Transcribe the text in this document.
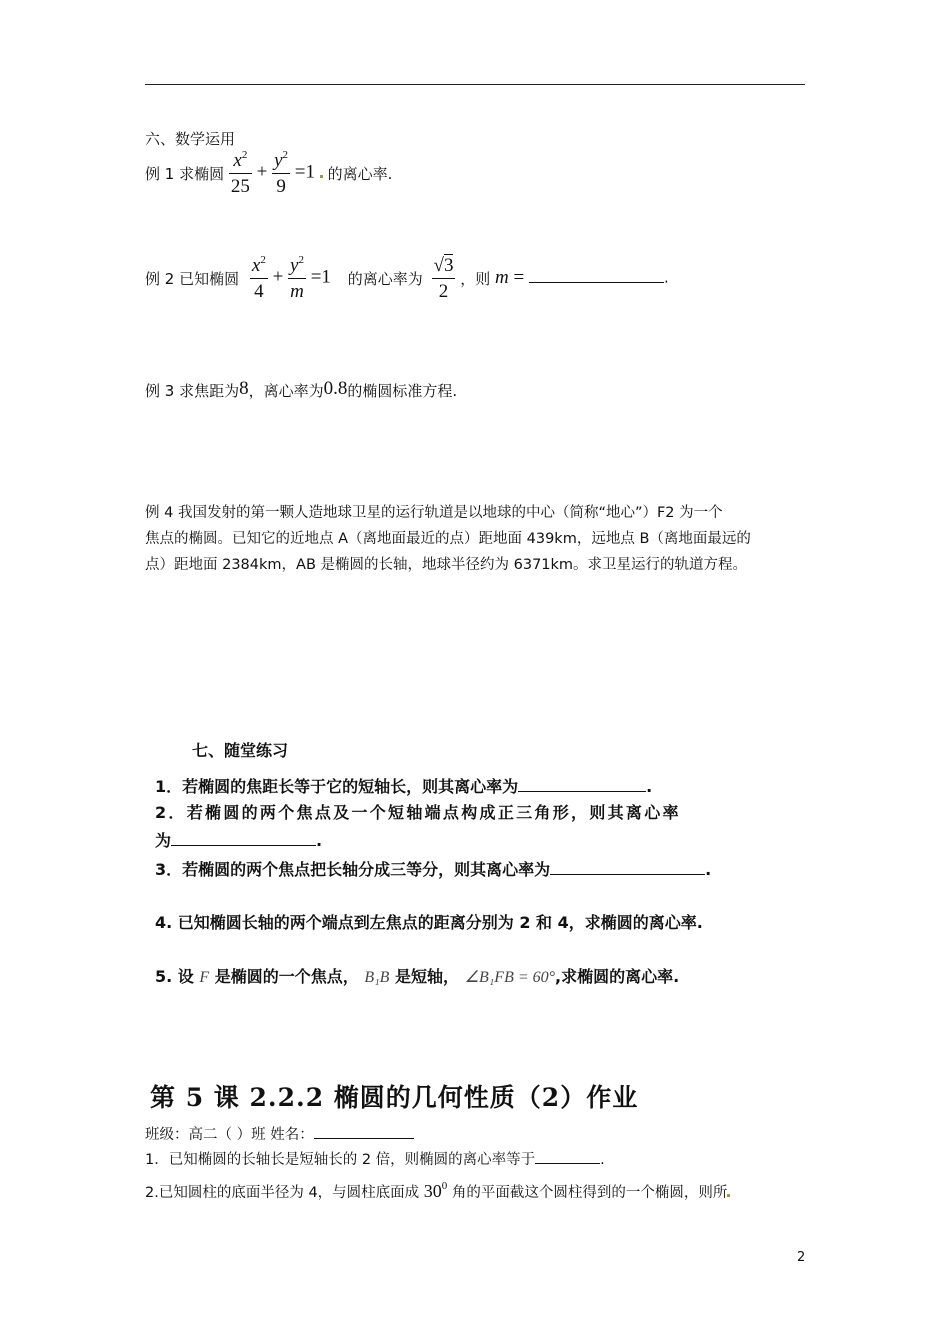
六、数学运用
例 1 求椭圆 $\frac{x^2}{25} + \frac{y^2}{9} =1$ 的离心率.
例 2 已知椭圆 $\frac{x^2}{4} + \frac{y^2}{m} =1$ 的离心率为 $\frac{√3}{2}$ ，则 m =	.
例 3 求焦距为8，离心率为0.8的椭圆标准方程.
例 4 我国发射的第一颗人造地球卫星的运行轨道是以地球的中心（简称“地心”）F2 为一个
焦点的椭圆。已知它的近地点 A（离地面最近的点）距地面 439km，远地点 B（离地面最远的
点）距地面 2384km，AB 是椭圆的长轴，地球半径约为 6371km。求卫星运行的轨道方程。
七、随堂练习
1．若椭圆的焦距长等于它的短轴长，则其离心率为	.
2．若椭圆的两个焦点及一个短轴端点构成正三角形，则其离心率
为	.
3．若椭圆的两个焦点把长轴分成三等分，则其离心率为	.
4. 已知椭圆长轴的两个端点到左焦点的距离分别为 2 和 4，求椭圆的离心率.
5. 设 F 是椭圆的一个焦点， B₁B 是短轴， ∠B₁FB = 60°,求椭圆的离心率.
第 5 课 2.2.2 椭圆的几何性质（2）作业
班级：高二（ ）班 姓名：
1．已知椭圆的长轴长是短轴长的 2 倍，则椭圆的离心率等于	.
2.已知圆柱的底面半径为 4，与圆柱底面成 $30^0$ 角的平面截这个圆柱得到的一个椭圆，则所
2
